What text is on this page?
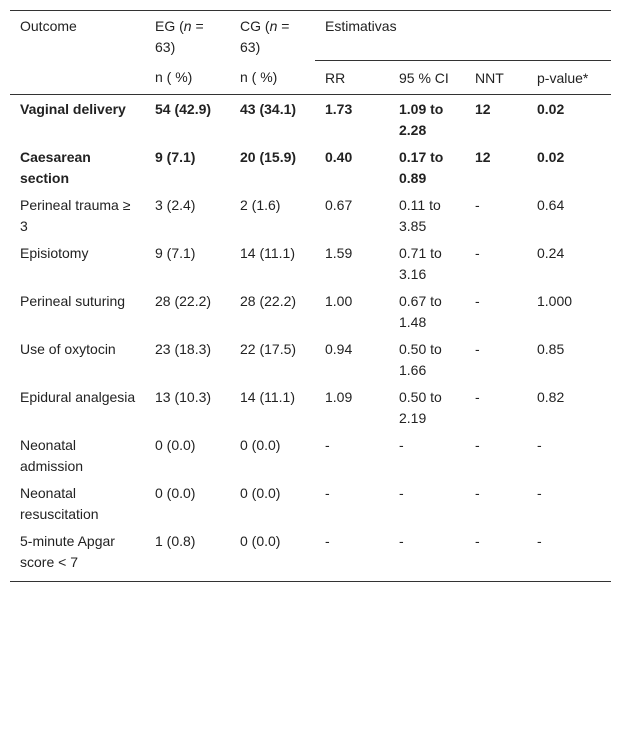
Outcome	EG (n = 63)	CG (n = 63)	Estimativas			
	n ( %)	n ( %)	RR	95 % CI	NNT	p-value*
Vaginal delivery	54 (42.9)	43 (34.1)	1.73	1.09 to 2.28	12	0.02
Caesarean section	9 (7.1)	20 (15.9)	0.40	0.17 to 0.89	12	0.02
Perineal trauma ≥ 3	3 (2.4)	2 (1.6)	0.67	0.11 to 3.85	-	0.64
Episiotomy	9 (7.1)	14 (11.1)	1.59	0.71 to 3.16	-	0.24
Perineal suturing	28 (22.2)	28 (22.2)	1.00	0.67 to 1.48	-	1.000
Use of oxytocin	23 (18.3)	22 (17.5)	0.94	0.50 to 1.66	-	0.85
Epidural analgesia	13 (10.3)	14 (11.1)	1.09	0.50 to 2.19	-	0.82
Neonatal admission	0 (0.0)	0 (0.0)	-	-	-	-
Neonatal resuscitation	0 (0.0)	0 (0.0)	-	-	-	-
5-minute Apgar score < 7	1 (0.8)	0 (0.0)	-	-	-	-
